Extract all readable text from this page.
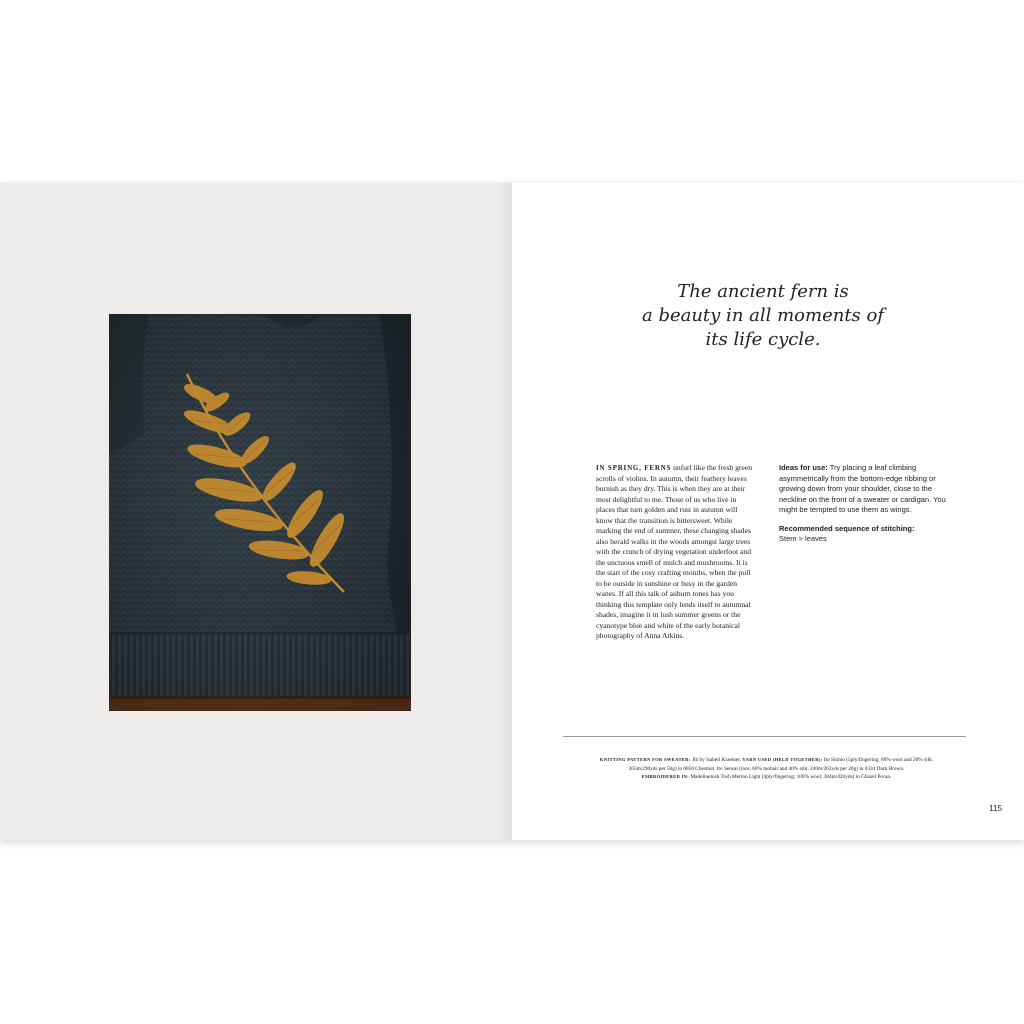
The ancient fern is
a beauty in all moments of
its life cycle.
IN SPRING, FERNS unfurl like the fresh green scrolls of violins. In autumn, their feathery leaves burnish as they dry. This is when they are at their most delightful to me. Those of us who live in places that turn golden and rust in autumn will know that the transition is bittersweet. While marking the end of summer, these changing shades also herald walks in the woods amongst large trees with the crunch of drying vegetation underfoot and the unctuous smell of mulch and mushrooms. It is the start of the cosy crafting months, when the pull to be outside in sunshine or busy in the garden wanes. If all this talk of auburn tones has you thinking this template only lends itself to autumnal shades, imagine it in lush summer greens or the cyanotype blue and white of the early botanical photography of Anna Atkins.
Ideas for use: Try placing a leaf climbing asymmetrically from the bottom-edge ribbing or growing down from your shoulder, close to the neckline on the front of a sweater or cardigan. You might be tempted to use them as wings.
Recommended sequence of stitching:
Stem > leaves
KNITTING PATTERN FOR SWEATER: Jib by Isabell Kraemer. YARN USED (HELD TOGETHER): Ito Shimo (5ply/fingering; 80% wool and 20% silk;
265m/290yds per 50g) in 0850 Chestnut. Ito Sensai (lace; 60% mohair and 40% silk; 240m/262yds per 20g) in 0334 Dark Brown.
EMBROIDERED IN: Madelinetosh Tosh Merino Light (4ply/fingering; 100% wool; 384m/420yds) in Glazed Pecan.
115
